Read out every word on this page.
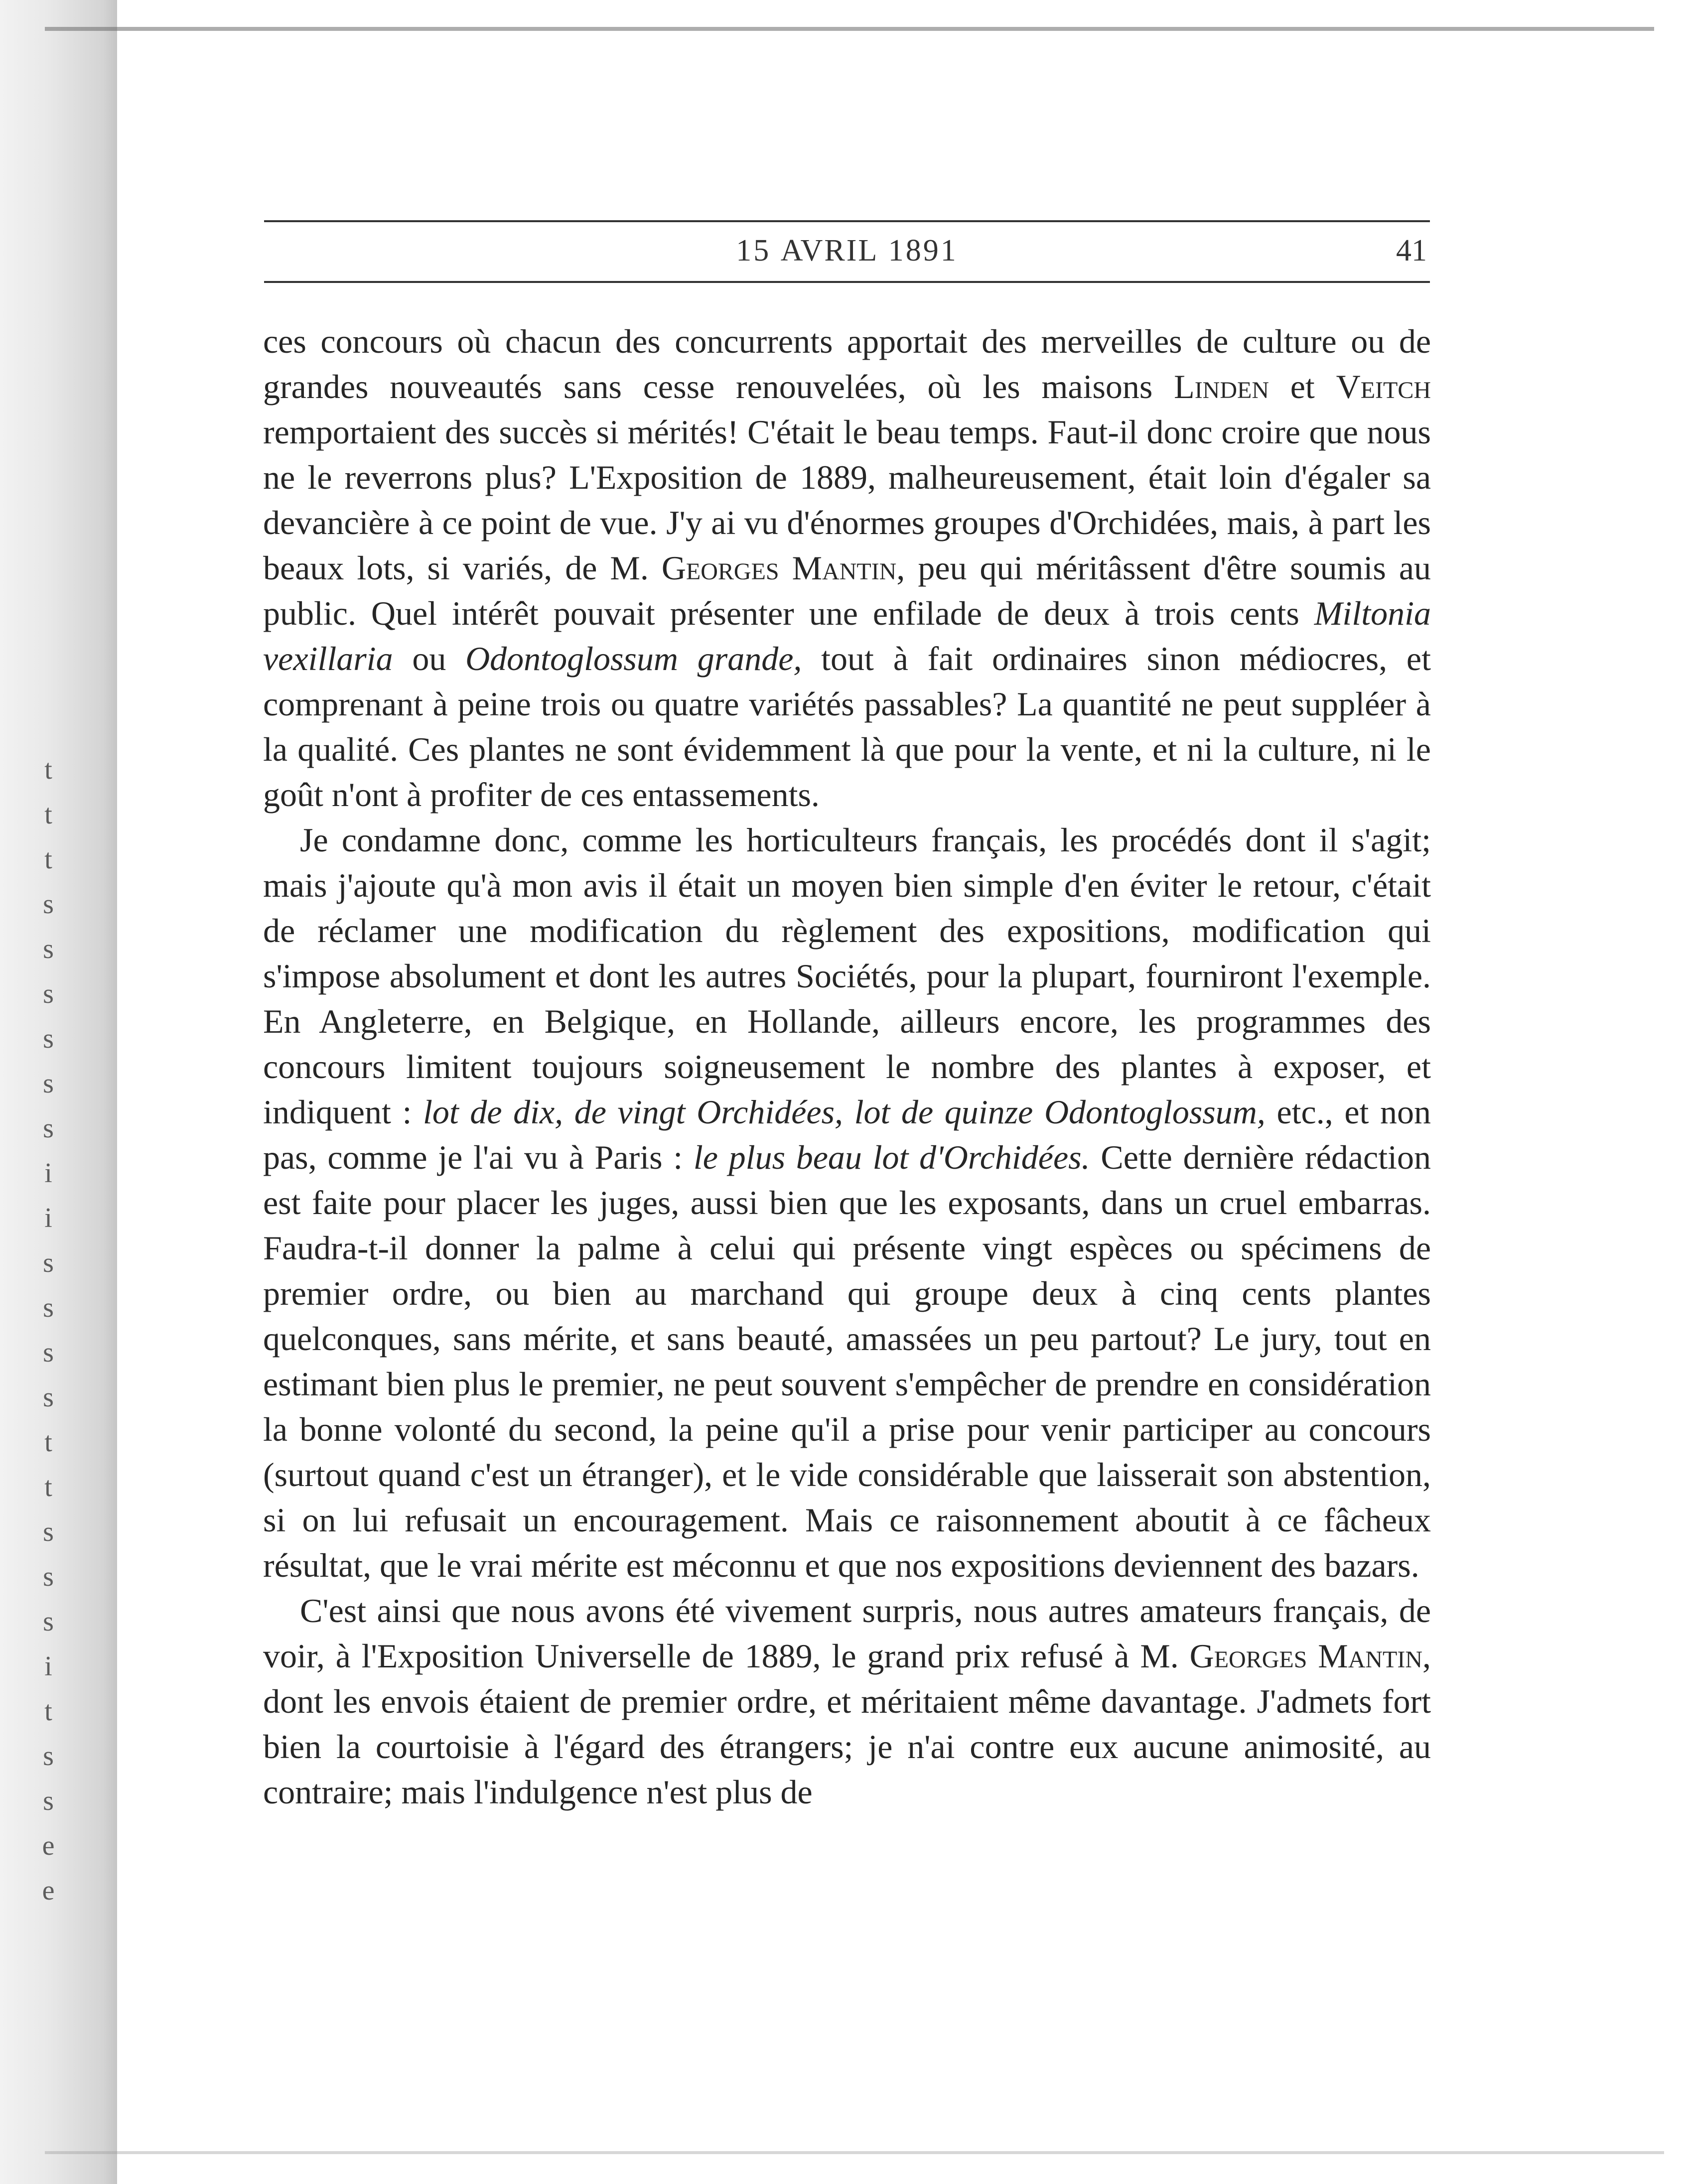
t
t
t
s
s
s
s
s
s
i
i
s
s
s
s
t
t
s
s
s
i
t
s
s
e
e
15 AVRIL 1891	41

ces concours où chacun des concurrents apportait des merveilles de culture ou de grandes nouveautés sans cesse renouvelées, où les maisons Linden et Veitch remportaient des succès si mérités! C'était le beau temps. Faut-il donc croire que nous ne le reverrons plus? L'Exposition de 1889, malheureusement, était loin d'égaler sa devancière à ce point de vue. J'y ai vu d'énormes groupes d'Orchidées, mais, à part les beaux lots, si variés, de M. Georges Mantin, peu qui méritâssent d'être soumis au public. Quel intérêt pouvait présenter une enfilade de deux à trois cents Miltonia vexillaria ou Odontoglossum grande, tout à fait ordinaires sinon médiocres, et comprenant à peine trois ou quatre variétés passables? La quantité ne peut suppléer à la qualité. Ces plantes ne sont évidemment là que pour la vente, et ni la culture, ni le goût n'ont à profiter de ces entassements.

Je condamne donc, comme les horticulteurs français, les procédés dont il s'agit; mais j'ajoute qu'à mon avis il était un moyen bien simple d'en éviter le retour, c'était de réclamer une modification du règlement des expositions, modification qui s'impose absolument et dont les autres Sociétés, pour la plupart, fourniront l'exemple. En Angleterre, en Belgique, en Hollande, ailleurs encore, les programmes des concours limitent toujours soigneusement le nombre des plantes à exposer, et indiquent : lot de dix, de vingt Orchidées, lot de quinze Odontoglossum, etc., et non pas, comme je l'ai vu à Paris : le plus beau lot d'Orchidées. Cette dernière rédaction est faite pour placer les juges, aussi bien que les exposants, dans un cruel embarras. Faudra-t-il donner la palme à celui qui présente vingt espèces ou spécimens de premier ordre, ou bien au marchand qui groupe deux à cinq cents plantes quelconques, sans mérite, et sans beauté, amassées un peu partout? Le jury, tout en estimant bien plus le premier, ne peut souvent s'empêcher de prendre en considération la bonne volonté du second, la peine qu'il a prise pour venir participer au concours (surtout quand c'est un étranger), et le vide considérable que laisserait son abstention, si on lui refusait un encouragement. Mais ce raisonnement aboutit à ce fâcheux résultat, que le vrai mérite est méconnu et que nos expositions deviennent des bazars.

C'est ainsi que nous avons été vivement surpris, nous autres amateurs français, de voir, à l'Exposition Universelle de 1889, le grand prix refusé à M. Georges Mantin, dont les envois étaient de premier ordre, et méritaient même davantage. J'admets fort bien la courtoisie à l'égard des étrangers; je n'ai contre eux aucune animosité, au contraire; mais l'indulgence n'est plus de
